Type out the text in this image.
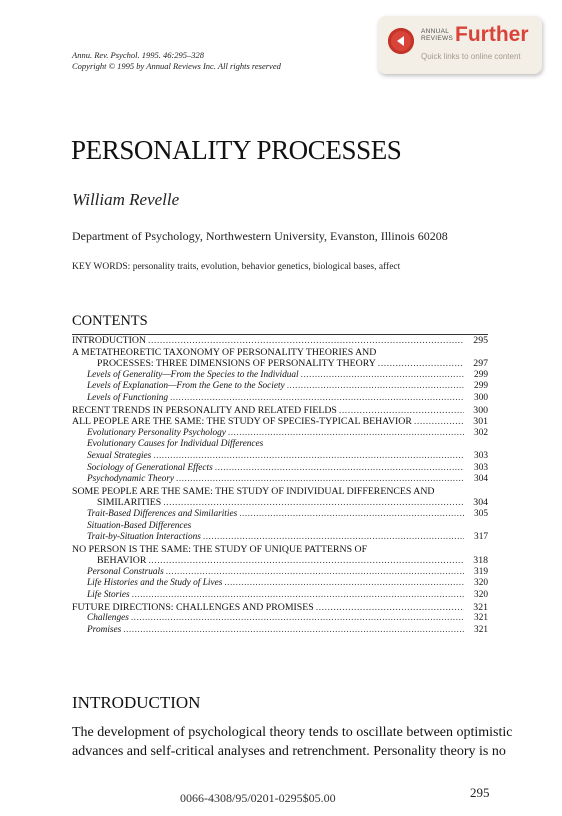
Annu. Rev. Psychol. 1995. 46:295–328
Copyright © 1995 by Annual Reviews Inc. All rights reserved
ANNUAL
REVIEWS Further
Quick links to online content
PERSONALITY PROCESSES
William Revelle
Department of Psychology, Northwestern University, Evanston, Illinois 60208
KEY WORDS: personality traits, evolution, behavior genetics, biological bases, affect
CONTENTS
INTRODUCTION .....	295
A METATHEORETIC TAXONOMY OF PERSONALITY THEORIES AND
PROCESSES: THREE DIMENSIONS OF PERSONALITY THEORY .....	297
Levels of Generality—From the Species to the Individual .....	299
Levels of Explanation—From the Gene to the Society .....	299
Levels of Functioning .....	300
RECENT TRENDS IN PERSONALITY AND RELATED FIELDS .....	300
ALL PEOPLE ARE THE SAME: THE STUDY OF SPECIES-TYPICAL BEHAVIOR .....	301
Evolutionary Personality Psychology .....	302
Evolutionary Causes for Individual Differences
Sexual Strategies .....	303
Sociology of Generational Effects .....	303
Psychodynamic Theory .....	304
SOME PEOPLE ARE THE SAME: THE STUDY OF INDIVIDUAL DIFFERENCES AND
SIMILARITIES .....	304
Trait-Based Differences and Similarities .....	305
Situation-Based Differences
Trait-by-Situation Interactions .....	317
NO PERSON IS THE SAME: THE STUDY OF UNIQUE PATTERNS OF
BEHAVIOR .....	318
Personal Construals .....	319
Life Histories and the Study of Lives .....	320
Life Stories .....	320
FUTURE DIRECTIONS: CHALLENGES AND PROMISES .....	321
Challenges .....	321
Promises .....	321
INTRODUCTION
The development of psychological theory tends to oscillate between optimistic
advances and self-critical analyses and retrenchment. Personality theory is no
0066-4308/95/0201-0295$05.00	295
